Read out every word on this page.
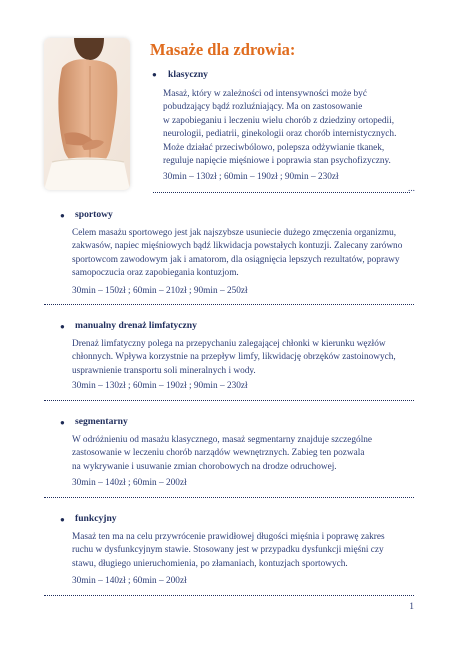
Masaże dla zdrowia:
● klasyczny

Masaż, który w zależności od intensywności może być

pobudzający bądź rozluźniający. Ma on zastosowanie

w zapobieganiu i leczeniu wielu chorób z dziedziny ortopedii,

neurologii, pediatrii, ginekologii oraz chorób internistycznych.

Może działać przeciwbólowo, polepsza odżywianie tkanek,

reguluje napięcie mięśniowe i poprawia stan psychofizyczny.

30min – 130zł ; 60min – 190zł ; 90min – 230zł
...
● sportowy

Celem masażu sportowego jest jak najszybsze usuniecie dużego zmęczenia organizmu,

zakwasów, napiec mięśniowych bądź likwidacja powstałych kontuzji. Zalecany zarówno

sportowcom zawodowym jak i amatorom, dla osiągnięcia lepszych rezultatów, poprawy

samopoczucia oraz zapobiegania kontuzjom.

30min – 150zł ; 60min – 210zł ; 90min – 250zł
● manualny drenaż limfatyczny

Drenaż limfatyczny polega na przepychaniu zalegającej chłonki w kierunku węzłów

chłonnych. Wpływa korzystnie na przepływ limfy, likwidację obrzęków zastoinowych,

usprawnienie transportu soli mineralnych i wody.

30min – 130zł ; 60min – 190zł ; 90min – 230zł
● segmentarny

W odróżnieniu od masażu klasycznego, masaż segmentarny znajduje szczególne

zastosowanie w leczeniu chorób narządów wewnętrznych. Zabieg ten pozwala

na wykrywanie i usuwanie zmian chorobowych na drodze odruchowej.

30min – 140zł ; 60min – 200zł
● funkcyjny

Masaż ten ma na celu przywrócenie prawidłowej długości mięśnia i poprawę zakres

ruchu w dysfunkcyjnym stawie. Stosowany jest w przypadku dysfunkcji mięśni czy

stawu, długiego unieruchomienia, po złamaniach, kontuzjach sportowych.

30min – 140zł ; 60min – 200zł
1
